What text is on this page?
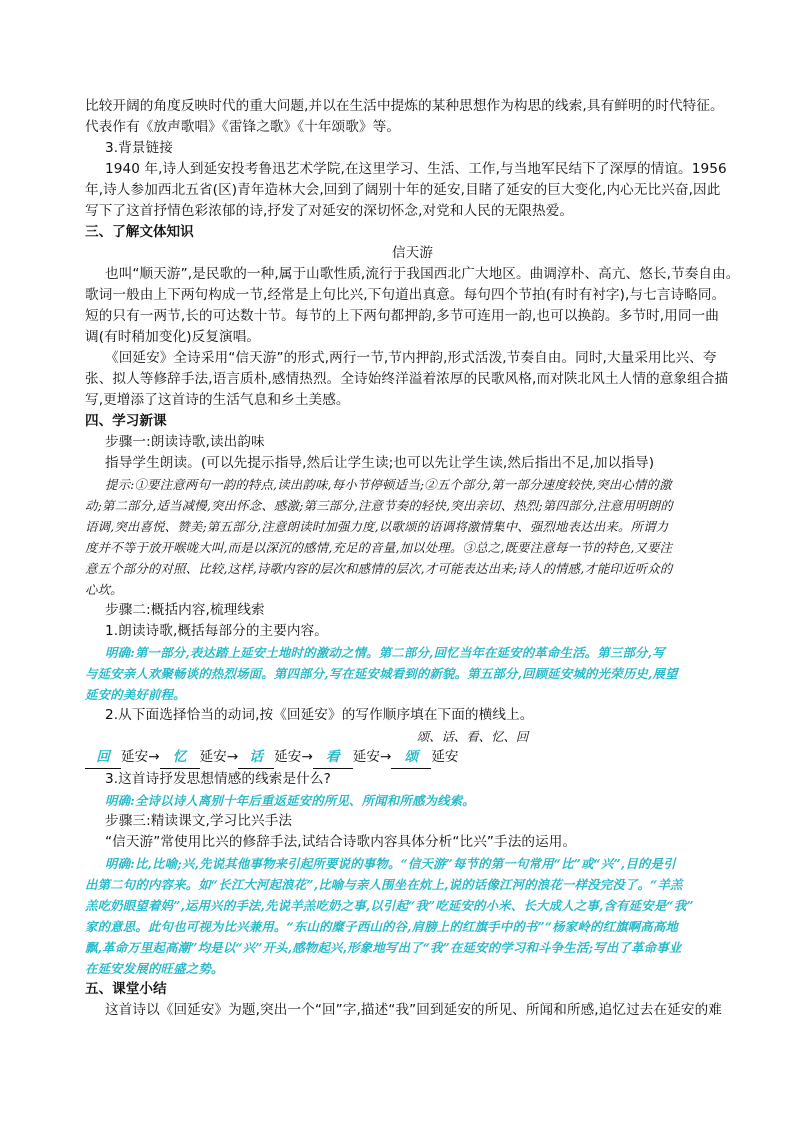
比较开阔的角度反映时代的重大问题,并以在生活中提炼的某种思想作为构思的线索,具有鲜明的时代特征。

代表作有《放声歌唱》《雷锋之歌》《十年颂歌》等。

3.背景链接

1940 年,诗人到延安投考鲁迅艺术学院,在这里学习、生活、工作,与当地军民结下了深厚的情谊。1956

年,诗人参加西北五省(区)青年造林大会,回到了阔别十年的延安,目睹了延安的巨大变化,内心无比兴奋,因此

写下了这首抒情色彩浓郁的诗,抒发了对延安的深切怀念,对党和人民的无限热爱。

三、了解文体知识

信天游

也叫“顺天游”,是民歌的一种,属于山歌性质,流行于我国西北广大地区。曲调淳朴、高亢、悠长,节奏自由。

歌词一般由上下两句构成一节,经常是上句比兴,下句道出真意。每句四个节拍(有时有衬字),与七言诗略同。

短的只有一两节,长的可达数十节。每节的上下两句都押韵,多节可连用一韵,也可以换韵。多节时,用同一曲

调(有时稍加变化)反复演唱。

《回延安》全诗采用“信天游”的形式,两行一节,节内押韵,形式活泼,节奏自由。同时,大量采用比兴、夸

张、拟人等修辞手法,语言质朴,感情热烈。全诗始终洋溢着浓厚的民歌风格,而对陕北风土人情的意象组合描

写,更增添了这首诗的生活气息和乡土美感。

四、学习新课

步骤一:朗读诗歌,读出韵味

指导学生朗读。(可以先提示指导,然后让学生读;也可以先让学生读,然后指出不足,加以指导)

提示:①要注意两句一韵的特点,读出韵味,每小节停顿适当;②五个部分,第一部分速度较快,突出心情的激

动;第二部分,适当减慢,突出怀念、感激;第三部分,注意节奏的轻快,突出亲切、热烈;第四部分,注意用明朗的

语调,突出喜悦、赞美;第五部分,注意朗读时加强力度,以歌颂的语调将激情集中、强烈地表达出来。所谓力

度并不等于放开喉咙大叫,而是以深沉的感情,充足的音量,加以处理。③总之,既要注意每一节的特色,又要注

意五个部分的对照、比较,这样,诗歌内容的层次和感情的层次,才可能表达出来;诗人的情感,才能印近听众的

心坎。

步骤二:概括内容,梳理线索

1.朗读诗歌,概括每部分的主要内容。

明确:第一部分,表达踏上延安土地时的激动之情。第二部分,回忆当年在延安的革命生活。第三部分,写

与延安亲人欢聚畅谈的热烈场面。第四部分,写在延安城看到的新貌。第五部分,回顾延安城的光荣历史,展望

延安的美好前程。

2.从下面选择恰当的动词,按《回延安》的写作顺序填在下面的横线上。

颂、话、看、忆、回

回 延安→ 忆 延安→ 话 延安→ 看 延安→ 颂 延安

3.这首诗抒发思想情感的线索是什么?

明确:全诗以诗人离别十年后重返延安的所见、所闻和所感为线索。

步骤三:精读课文,学习比兴手法

“信天游”常使用比兴的修辞手法,试结合诗歌内容具体分析“比兴”手法的运用。

明确:比,比喻;兴,先说其他事物来引起所要说的事物。“信天游”每节的第一句常用“比”或“兴”,目的是引

出第二句的内容来。如“长江大河起浪花”,比喻与亲人围坐在炕上,说的话像江河的浪花一样没完没了。“羊羔

羔吃奶眼望着妈”,运用兴的手法,先说羊羔吃奶之事,以引起“我”吃延安的小米、长大成人之事,含有延安是“我”

家的意思。此句也可视为比兴兼用。“东山的糜子西山的谷,肩膀上的红旗手中的书”“杨家岭的红旗啊高高地

飘,革命万里起高潮”均是以“兴”开头,感物起兴,形象地写出了“我”在延安的学习和斗争生活;写出了革命事业

在延安发展的旺盛之势。

五、课堂小结

这首诗以《回延安》为题,突出一个“回”字,描述“我”回到延安的所见、所闻和所感,追忆过去在延安的难
